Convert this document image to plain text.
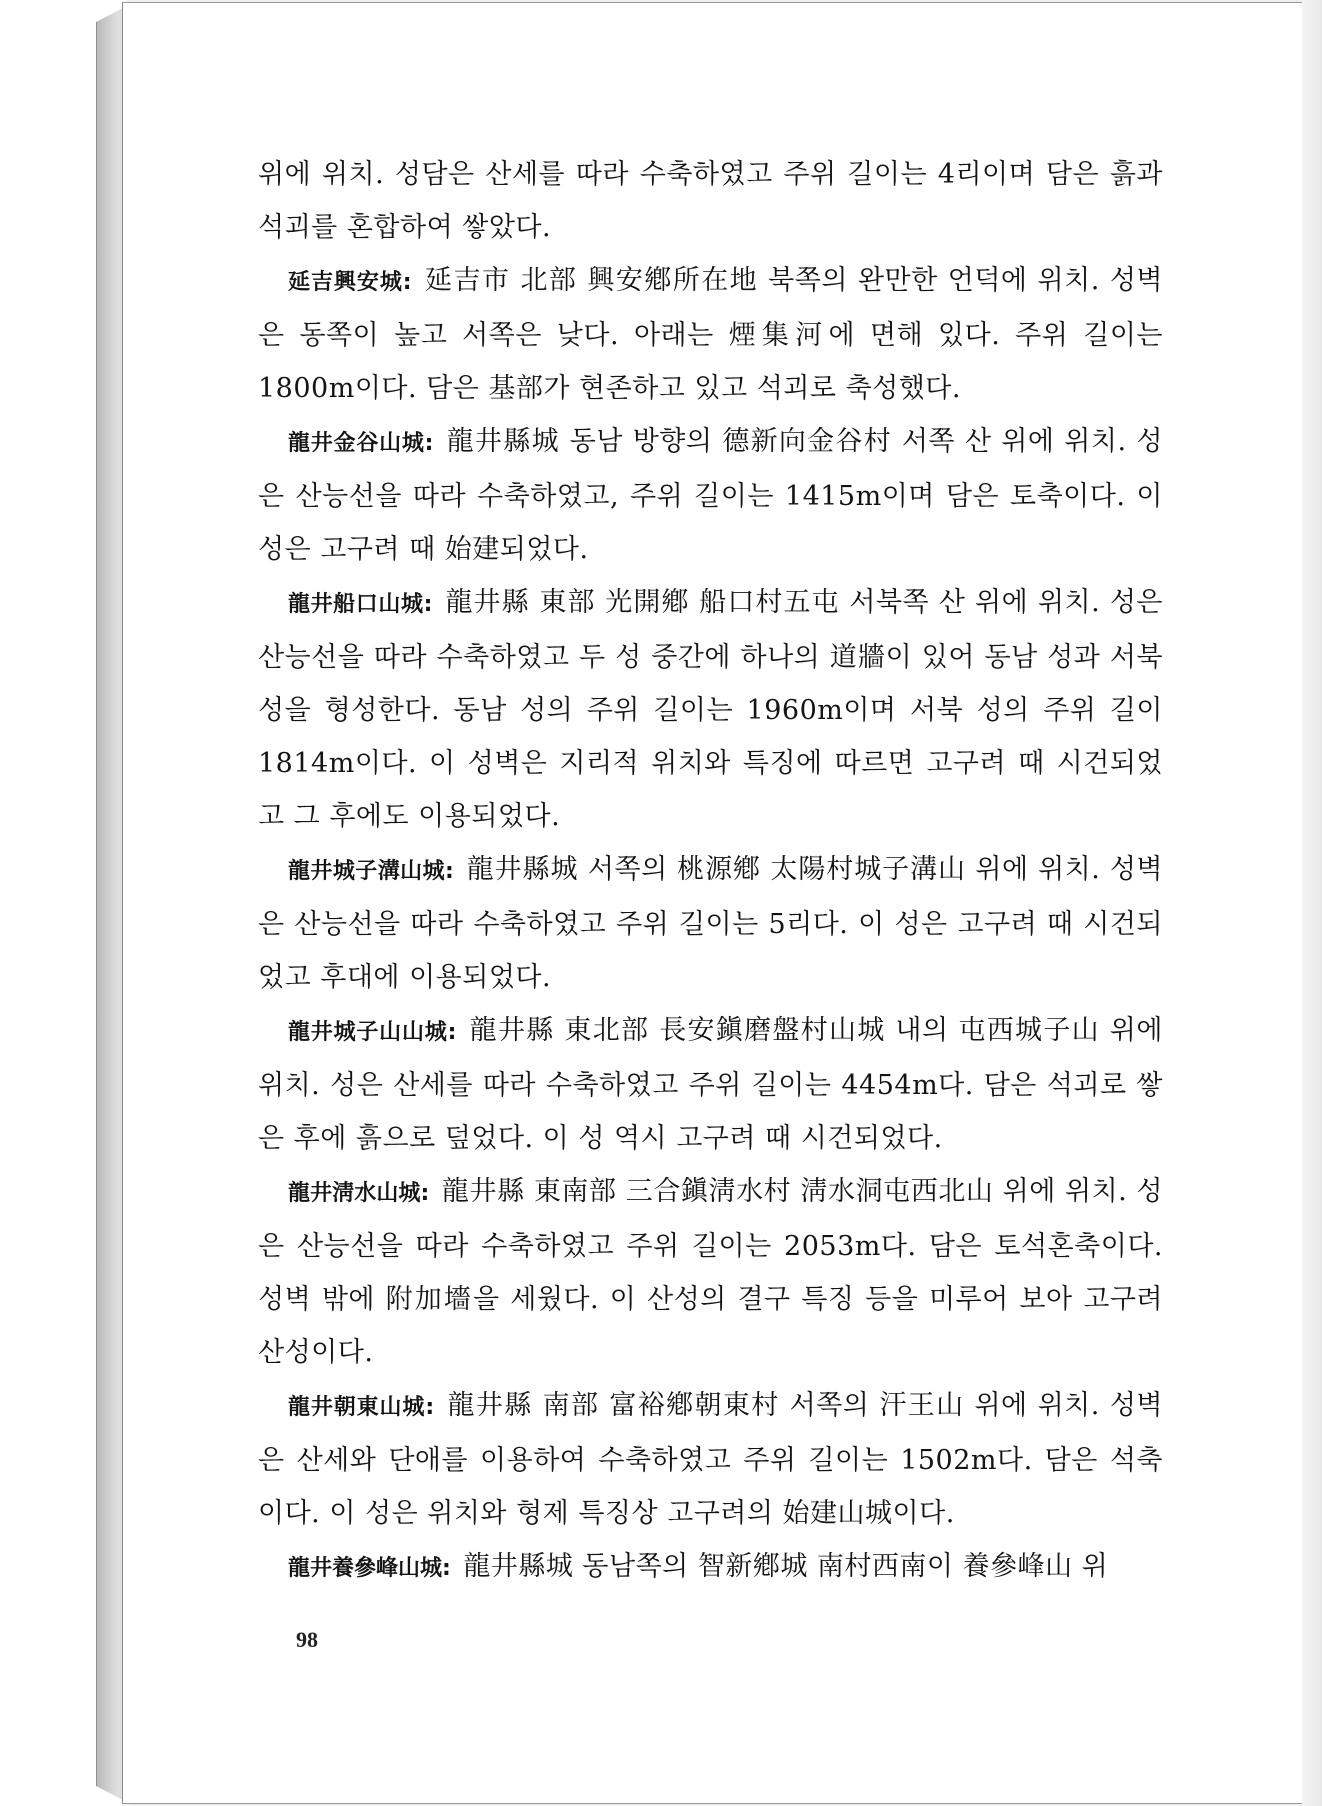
위에 위치. 성담은 산세를 따라 수축하였고 주위 길이는 4리이며 담은 흙과 석괴를 혼합하여 쌓았다.

延吉興安城: 延吉市 北部 興安鄕所在地 북쪽의 완만한 언덕에 위치. 성벽은 동쪽이 높고 서쪽은 낮다. 아래는 煙集河에 면해 있다. 주위 길이는 1800m이다. 담은 基部가 현존하고 있고 석괴로 축성했다.

龍井金谷山城: 龍井縣城 동남 방향의 德新向金谷村 서쪽 산 위에 위치. 성은 산능선을 따라 수축하였고, 주위 길이는 1415m이며 담은 토축이다. 이 성은 고구려 때 始建되었다.

龍井船口山城: 龍井縣 東部 光開鄕 船口村五屯 서북쪽 산 위에 위치. 성은 산능선을 따라 수축하였고 두 성 중간에 하나의 道牆이 있어 동남 성과 서북 성을 형성한다. 동남 성의 주위 길이는 1960m이며 서북 성의 주위 길이 1814m이다. 이 성벽은 지리적 위치와 특징에 따르면 고구려 때 시건되었고 그 후에도 이용되었다.

龍井城子溝山城: 龍井縣城 서쪽의 桃源鄕 太陽村城子溝山 위에 위치. 성벽은 산능선을 따라 수축하였고 주위 길이는 5리다. 이 성은 고구려 때 시건되었고 후대에 이용되었다.

龍井城子山山城: 龍井縣 東北部 長安鎭磨盤村山城 내의 屯西城子山 위에 위치. 성은 산세를 따라 수축하였고 주위 길이는 4454m다. 담은 석괴로 쌓은 후에 흙으로 덮었다. 이 성 역시 고구려 때 시건되었다.

龍井淸水山城: 龍井縣 東南部 三合鎭淸水村 淸水洞屯西北山 위에 위치. 성은 산능선을 따라 수축하였고 주위 길이는 2053m다. 담은 토석혼축이다. 성벽 밖에 附加墻을 세웠다. 이 산성의 결구 특징 등을 미루어 보아 고구려 산성이다.

龍井朝東山城: 龍井縣 南部 富裕鄕朝東村 서쪽의 汗王山 위에 위치. 성벽은 산세와 단애를 이용하여 수축하였고 주위 길이는 1502m다. 담은 석축이다. 이 성은 위치와 형제 특징상 고구려의 始建山城이다.

龍井養參峰山城: 龍井縣城 동남쪽의 智新鄕城 南村西南이 養參峰山 위

98
